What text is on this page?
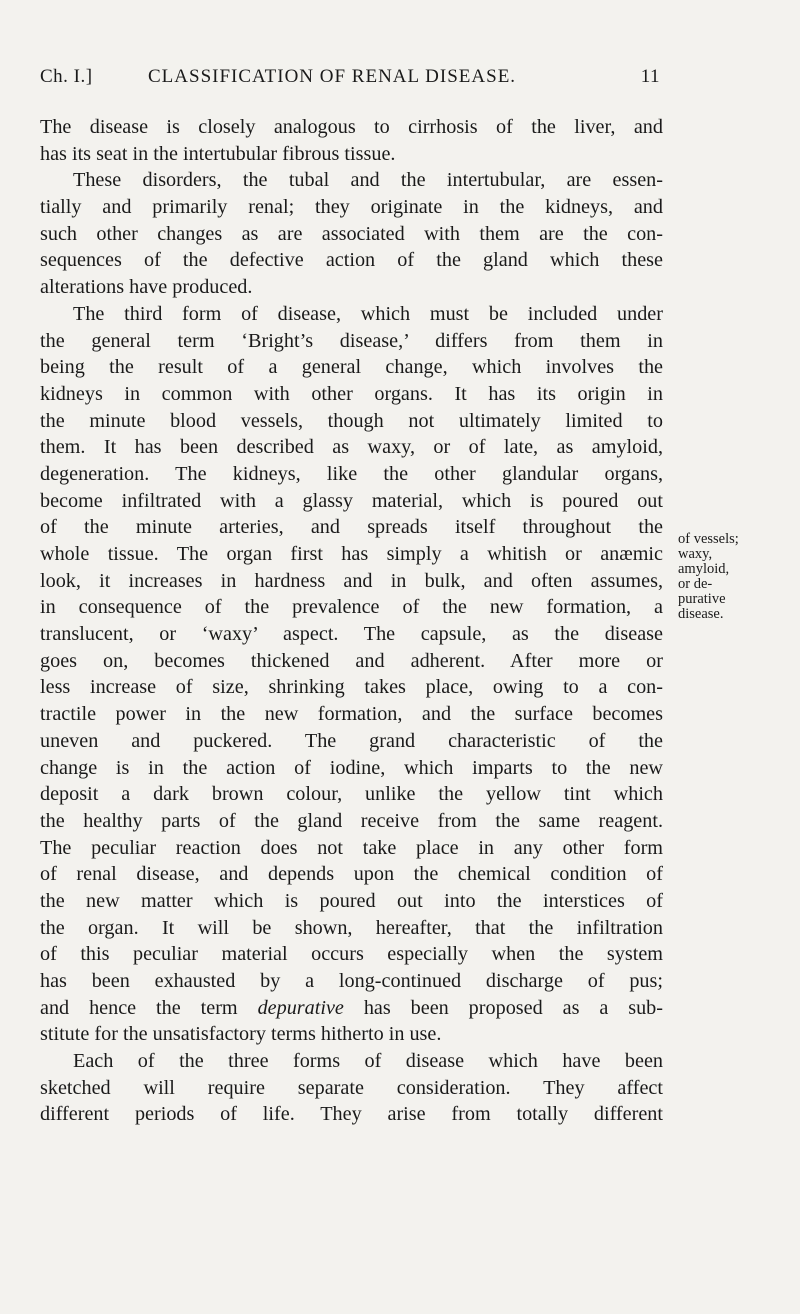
Ch. I.]	CLASSIFICATION OF RENAL DISEASE.	11
The disease is closely analogous to cirrhosis of the liver, and
has its seat in the intertubular fibrous tissue.
These disorders, the tubal and the intertubular, are essen-
tially and primarily renal; they originate in the kidneys, and
such other changes as are associated with them are the con-
sequences of the defective action of the gland which these
alterations have produced.
The third form of disease, which must be included under
the general term ‘Bright’s disease,’ differs from them in
being the result of a general change, which involves the
kidneys in common with other organs. It has its origin in
the minute blood vessels, though not ultimately limited to
them. It has been described as waxy, or of late, as amyloid,
degeneration. The kidneys, like the other glandular organs,
become infiltrated with a glassy material, which is poured out
of the minute arteries, and spreads itself throughout the
whole tissue. The organ first has simply a whitish or anæmic
look, it increases in hardness and in bulk, and often assumes,
in consequence of the prevalence of the new formation, a
translucent, or ‘waxy’ aspect. The capsule, as the disease
goes on, becomes thickened and adherent. After more or
less increase of size, shrinking takes place, owing to a con-
tractile power in the new formation, and the surface becomes
uneven and puckered. The grand characteristic of the
change is in the action of iodine, which imparts to the new
deposit a dark brown colour, unlike the yellow tint which
the healthy parts of the gland receive from the same reagent.
The peculiar reaction does not take place in any other form
of renal disease, and depends upon the chemical condition of
the new matter which is poured out into the interstices of
the organ. It will be shown, hereafter, that the infiltration
of this peculiar material occurs especially when the system
has been exhausted by a long-continued discharge of pus;
and hence the term depurative has been proposed as a sub-
stitute for the unsatisfactory terms hitherto in use.
Each of the three forms of disease which have been
sketched will require separate consideration. They affect
different periods of life. They arise from totally different
of vessels;
waxy,
amyloid,
or de-
purative
disease.
